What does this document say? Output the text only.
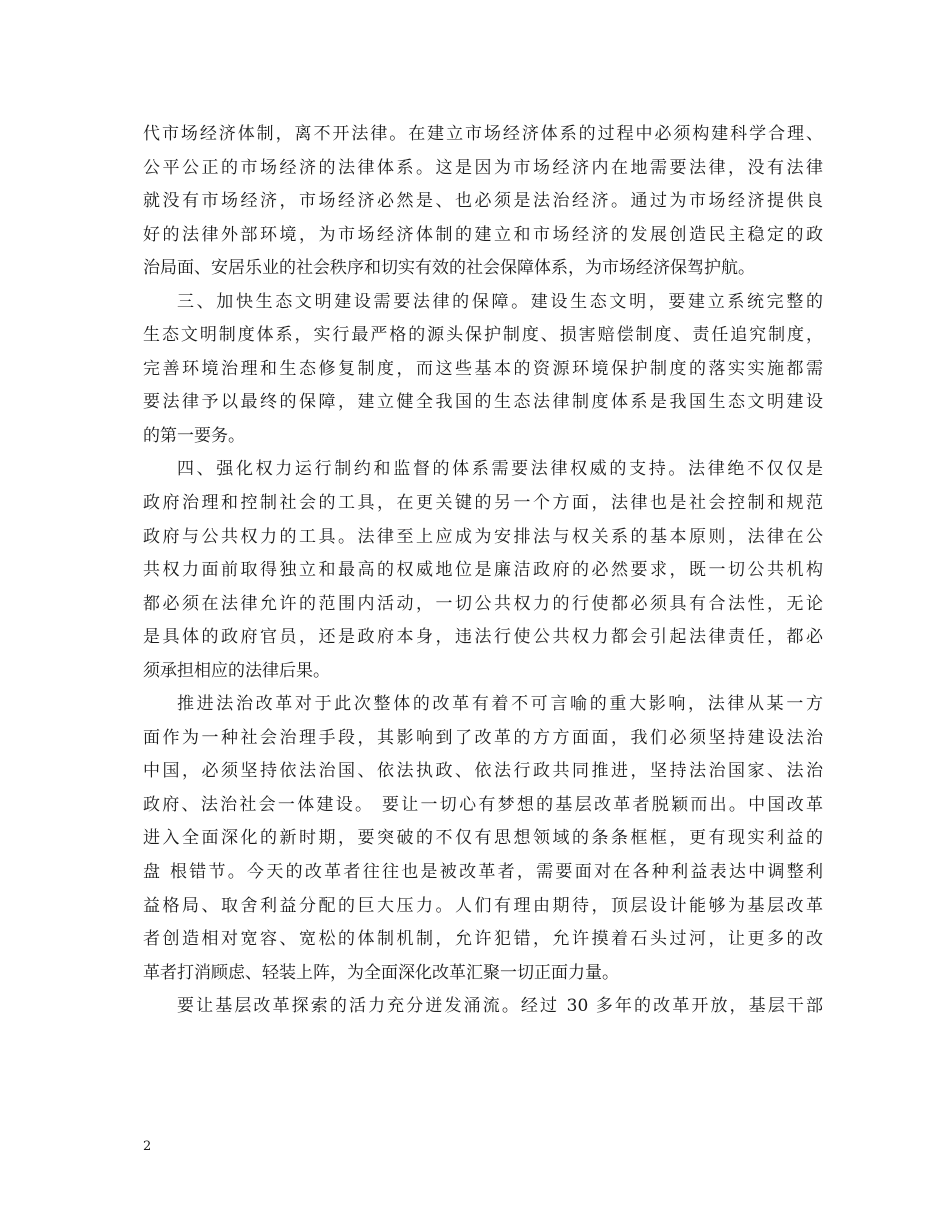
代市场经济体制，离不开法律。在建立市场经济体系的过程中必须构建科学合理、
公平公正的市场经济的法律体系。这是因为市场经济内在地需要法律，没有法律
就没有市场经济，市场经济必然是、也必须是法治经济。通过为市场经济提供良
好的法律外部环境，为市场经济体制的建立和市场经济的发展创造民主稳定的政
治局面、安居乐业的社会秩序和切实有效的社会保障体系，为市场经济保驾护航。
三、加快生态文明建设需要法律的保障。建设生态文明，要建立系统完整的
生态文明制度体系，实行最严格的源头保护制度、损害赔偿制度、责任追究制度，
完善环境治理和生态修复制度，而这些基本的资源环境保护制度的落实实施都需
要法律予以最终的保障，建立健全我国的生态法律制度体系是我国生态文明建设
的第一要务。
四、强化权力运行制约和监督的体系需要法律权威的支持。法律绝不仅仅是
政府治理和控制社会的工具，在更关键的另一个方面，法律也是社会控制和规范
政府与公共权力的工具。法律至上应成为安排法与权关系的基本原则，法律在公
共权力面前取得独立和最高的权威地位是廉洁政府的必然要求，既一切公共机构
都必须在法律允许的范围内活动，一切公共权力的行使都必须具有合法性，无论
是具体的政府官员，还是政府本身，违法行使公共权力都会引起法律责任，都必
须承担相应的法律后果。
推进法治改革对于此次整体的改革有着不可言喻的重大影响，法律从某一方
面作为一种社会治理手段，其影响到了改革的方方面面，我们必须坚持建设法治
中国，必须坚持依法治国、依法执政、依法行政共同推进，坚持法治国家、法治
政府、法治社会一体建设。 要让一切心有梦想的基层改革者脱颖而出。中国改革
进入全面深化的新时期，要突破的不仅有思想领域的条条框框，更有现实利益的
盘 根错节。今天的改革者往往也是被改革者，需要面对在各种利益表达中调整利
益格局、取舍利益分配的巨大压力。人们有理由期待，顶层设计能够为基层改革
者创造相对宽容、宽松的体制机制，允许犯错，允许摸着石头过河，让更多的改
革者打消顾虑、轻装上阵，为全面深化改革汇聚一切正面力量。
要让基层改革探索的活力充分迸发涌流。经过 30 多年的改革开放，基层干部
2
